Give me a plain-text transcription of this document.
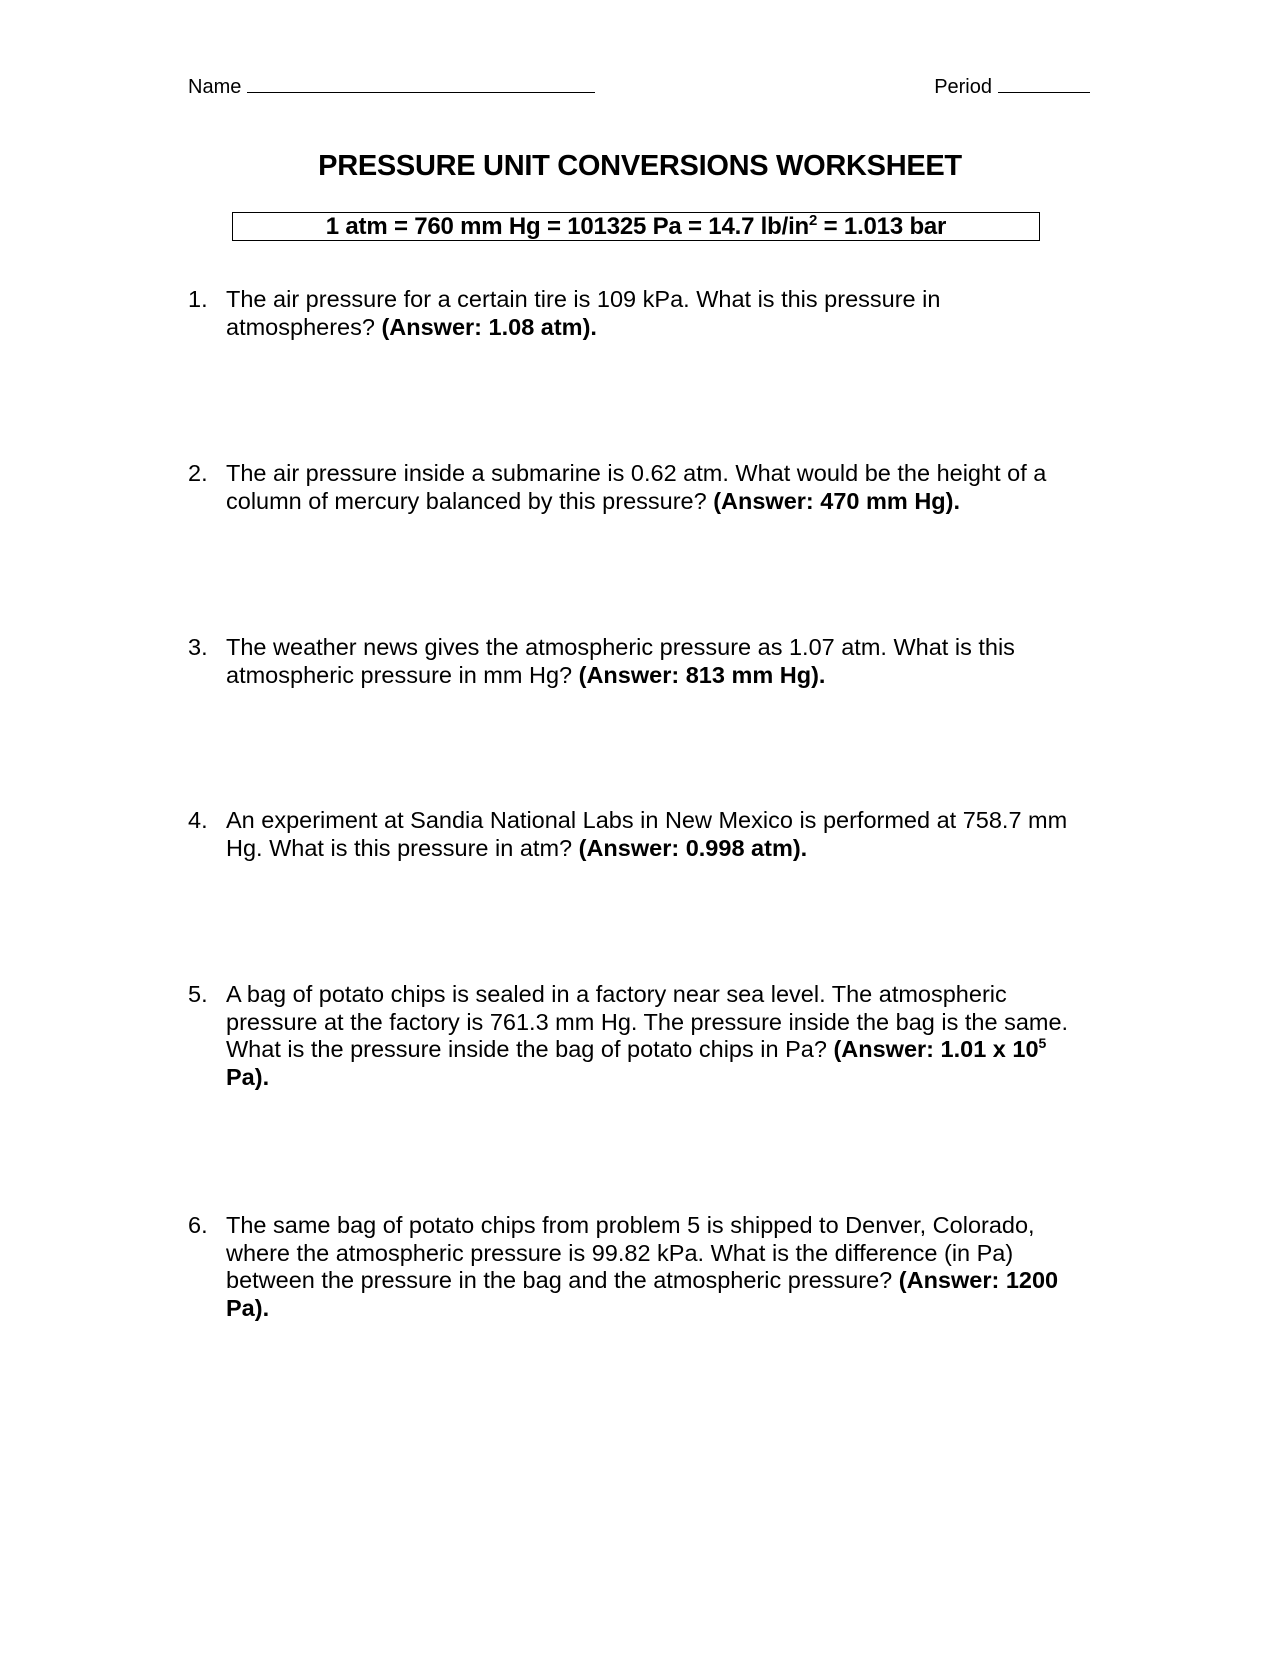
Name	Period
PRESSURE UNIT CONVERSIONS WORKSHEET
1 atm = 760 mm Hg = 101325 Pa = 14.7 $lb/in^2 = 1.013$ bar
1. The air pressure for a certain tire is 109 kPa. What is this pressure in atmospheres? (Answer: 1.08 atm).
2. The air pressure inside a submarine is 0.62 atm. What would be the height of a column of mercury balanced by this pressure? (Answer: 470 mm Hg).
3. The weather news gives the atmospheric pressure as 1.07 atm. What is this atmospheric pressure in mm Hg? (Answer: 813 mm Hg).
4. An experiment at Sandia National Labs in New Mexico is performed at 758.7 mm Hg. What is this pressure in atm? (Answer: 0.998 atm).
5. A bag of potato chips is sealed in a factory near sea level. The atmospheric pressure at the factory is 761.3 mm Hg. The pressure inside the bag is the same. What is the pressure inside the bag of potato chips in Pa? (Answer: 1.01 x $10^5$ Pa).
6. The same bag of potato chips from problem 5 is shipped to Denver, Colorado, where the atmospheric pressure is 99.82 kPa. What is the difference (in Pa) between the pressure in the bag and the atmospheric pressure? (Answer: 1200 Pa).
